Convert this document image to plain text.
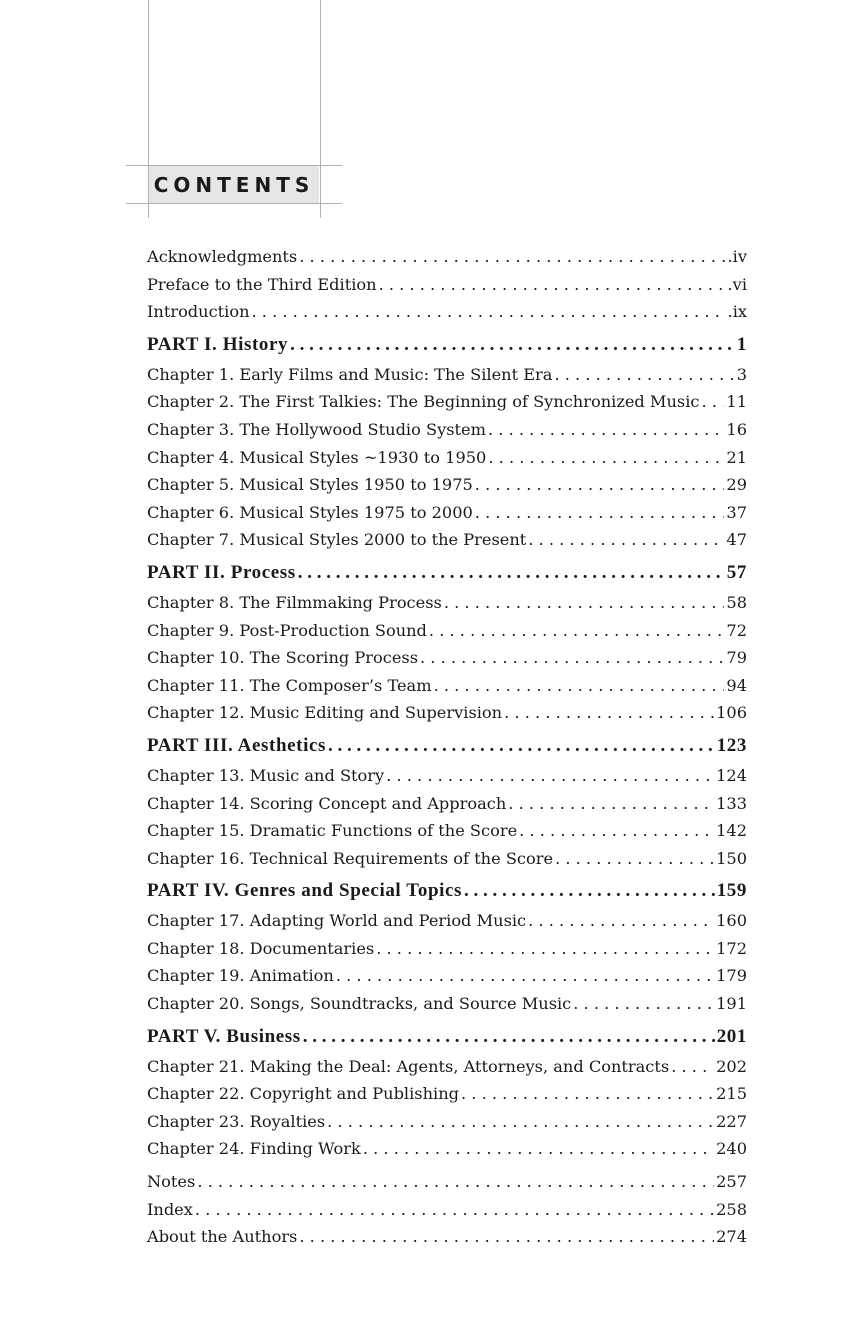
CONTENTS
Acknowledgments . . .	.iv
Preface to the Third Edition . . .	.vi
Introduction . . .	.ix
PART I. History . . .	1
Chapter 1. Early Films and Music: The Silent Era . . .	3
Chapter 2. The First Talkies: The Beginning of Synchronized Music . . . 11
Chapter 3. The Hollywood Studio System . . .	16
Chapter 4. Musical Styles ~1930 to 1950 . . .	21
Chapter 5. Musical Styles 1950 to 1975 . . .	29
Chapter 6. Musical Styles 1975 to 2000 . . .	37
Chapter 7. Musical Styles 2000 to the Present . . .	47
PART II. Process . . .	57
Chapter 8. The Filmmaking Process . . .	58
Chapter 9. Post-Production Sound . . .	72
Chapter 10. The Scoring Process . . .	79
Chapter 11. The Composer’s Team . . .	94
Chapter 12. Music Editing and Supervision . . .	106
PART III. Aesthetics . . .	123
Chapter 13. Music and Story . . .	124
Chapter 14. Scoring Concept and Approach . . .	133
Chapter 15. Dramatic Functions of the Score . . .	142
Chapter 16. Technical Requirements of the Score . . .	150
PART IV. Genres and Special Topics . . .	159
Chapter 17. Adapting World and Period Music . . .	160
Chapter 18. Documentaries . . .	172
Chapter 19. Animation . . .	179
Chapter 20. Songs, Soundtracks, and Source Music . . .	191
PART V. Business . . .	201
Chapter 21. Making the Deal: Agents, Attorneys, and Contracts . . .	202
Chapter 22. Copyright and Publishing . . .	215
Chapter 23. Royalties . . .	227
Chapter 24. Finding Work . . .	240
Notes . . .	257
Index . . .	258
About the Authors . . .	274
